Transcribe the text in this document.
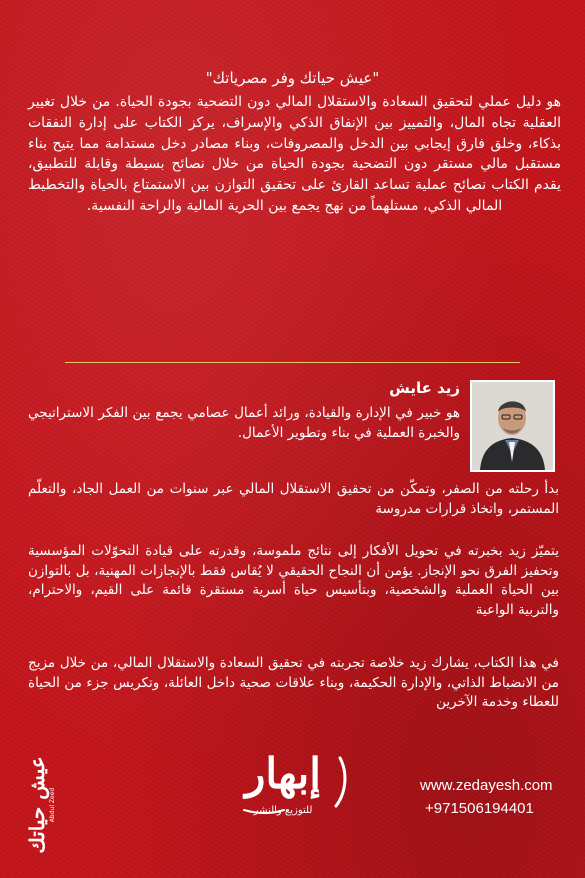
"عيش حياتك وفر مصرياتك"

هو دليل عملي لتحقيق السعادة والاستقلال المالي دون التضحية بجودة الحياة. من خلال تغيير العقلية تجاه المال، والتمييز بين الإنفاق الذكي والإسراف، يركز الكتاب على إدارة النفقات بذكاء، وخلق فارق إيجابي بين الدخل والمصروفات، وبناء مصادر دخل مستدامة مما يتيح بناء مستقبل مالي مستقر دون التضحية بجودة الحياة من خلال نصائح بسيطة وقابلة للتطبيق، يقدم الكتاب نصائح عملية تساعد القارئ على تحقيق التوازن بين الاستمتاع بالحياة والتخطيط المالي الذكي، مستلهماً من نهج يجمع بين الحرية المالية والراحة النفسية.

زيد عايش

هو خبير في الإدارة والقيادة، ورائد أعمال عصامي يجمع بين الفكر الاستراتيجي والخبرة العملية في بناء وتطوير الأعمال.

بدأ رحلته من الصفر، وتمكّن من تحقيق الاستقلال المالي عبر سنوات من العمل الجاد، والتعلّم المستمر، واتخاذ قرارات مدروسة

يتميّز زيد بخبرته في تحويل الأفكار إلى نتائج ملموسة، وقدرته على قيادة التحوّلات المؤسسية وتحفيز الفرق نحو الإنجاز. يؤمن أن النجاح الحقيقي لا يُقاس فقط بالإنجازات المهنية، بل بالتوازن بين الحياة العملية والشخصية، وبتأسيس حياة أسرية مستقرة قائمة على القيم، والاحترام، والتربية الواعية

في هذا الكتاب، يشارك زيد خلاصة تجربته في تحقيق السعادة والاستقلال المالي، من خلال مزيج من الانضباط الذاتي، والإدارة الحكيمة، وبناء علاقات صحية داخل العائلة، وتكريس جزء من الحياة للعطاء وخدمة الآخرين

عيش حياتك Abdul Zeed
إبهار
للتوزيع والنشر
www.zedayesh.com
+971506194401
